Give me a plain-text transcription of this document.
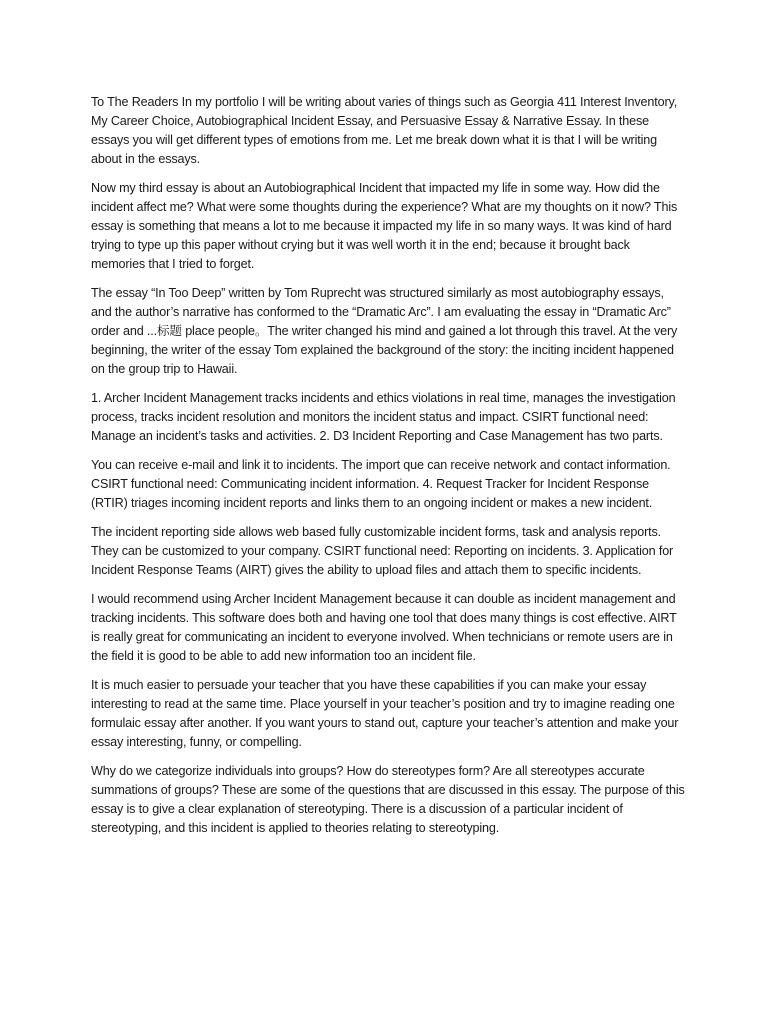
To The Readers In my portfolio I will be writing about varies of things such as Georgia 411 Interest Inventory, My Career Choice, Autobiographical Incident Essay, and Persuasive Essay & Narrative Essay. In these essays you will get different types of emotions from me. Let me break down what it is that I will be writing about in the essays.

Now my third essay is about an Autobiographical Incident that impacted my life in some way. How did the incident affect me? What were some thoughts during the experience? What are my thoughts on it now? This essay is something that means a lot to me because it impacted my life in so many ways. It was kind of hard trying to type up this paper without crying but it was well worth it in the end; because it brought back memories that I tried to forget.

The essay “In Too Deep” written by Tom Ruprecht was structured similarly as most autobiography essays, and the author’s narrative has conformed to the “Dramatic Arc”. I am evaluating the essay in “Dramatic Arc” order and ...标题 place people。The writer changed his mind and gained a lot through this travel. At the very beginning, the writer of the essay Tom explained the background of the story: the inciting incident happened on the group trip to Hawaii.

1. Archer Incident Management tracks incidents and ethics violations in real time, manages the investigation process, tracks incident resolution and monitors the incident status and impact. CSIRT functional need: Manage an incident’s tasks and activities. 2. D3 Incident Reporting and Case Management has two parts.

You can receive e-mail and link it to incidents. The import que can receive network and contact information. CSIRT functional need: Communicating incident information. 4. Request Tracker for Incident Response (RTIR) triages incoming incident reports and links them to an ongoing incident or makes a new incident.

The incident reporting side allows web based fully customizable incident forms, task and analysis reports. They can be customized to your company. CSIRT functional need: Reporting on incidents. 3. Application for Incident Response Teams (AIRT) gives the ability to upload files and attach them to specific incidents.

I would recommend using Archer Incident Management because it can double as incident management and tracking incidents. This software does both and having one tool that does many things is cost effective. AIRT is really great for communicating an incident to everyone involved. When technicians or remote users are in the field it is good to be able to add new information too an incident file.

It is much easier to persuade your teacher that you have these capabilities if you can make your essay interesting to read at the same time. Place yourself in your teacher’s position and try to imagine reading one formulaic essay after another. If you want yours to stand out, capture your teacher’s attention and make your essay interesting, funny, or compelling.

Why do we categorize individuals into groups? How do stereotypes form? Are all stereotypes accurate summations of groups? These are some of the questions that are discussed in this essay. The purpose of this essay is to give a clear explanation of stereotyping. There is a discussion of a particular incident of stereotyping, and this incident is applied to theories relating to stereotyping.
